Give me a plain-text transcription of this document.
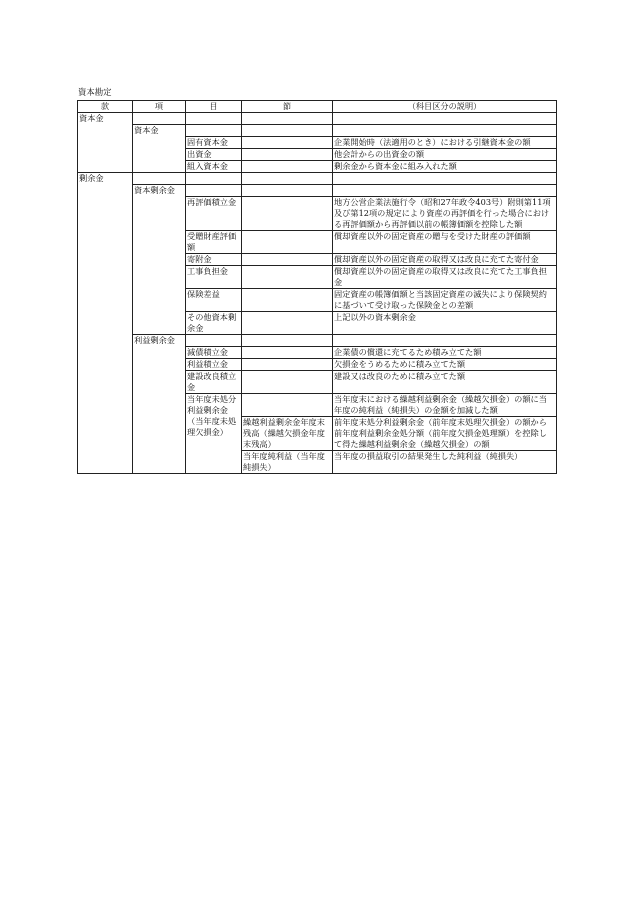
資本勘定
款	項	目	節	（科目区分の説明）
資本金				
	資本金			
		固有資本金		企業開始時（法適用のとき）における引継資本金の額
		出資金		他会計からの出資金の額
		組入資本金		剰余金から資本金に組み入れた額
剰余金				
	資本剰余金			
		再評価積立金		地方公営企業法施行令（昭和27年政令403号）附則第11項及び第12項の規定により資産の再評価を行った場合における再評価額から再評価以前の帳簿価額を控除した額
		受贈財産評価額		償却資産以外の固定資産の贈与を受けた財産の評価額
		寄附金		償却資産以外の固定資産の取得又は改良に充てた寄付金
		工事負担金		償却資産以外の固定資産の取得又は改良に充てた工事負担金
		保険差益		固定資産の帳簿価額と当該固定資産の滅失により保険契約に基づいて受け取った保険金との差額
		その他資本剰余金		上記以外の資本剰余金
	利益剰余金			
		減債積立金		企業債の償還に充てるため積み立てた額
		利益積立金		欠損金をうめるために積み立てた額
		建設改良積立金		建設又は改良のために積み立てた額
		当年度未処分利益剰余金（当年度未処理欠損金）		当年度末における繰越利益剰余金（繰越欠損金）の額に当年度の純利益（純損失）の金額を加減した額
			繰越利益剰余金年度末残高（繰越欠損金年度末残高）	前年度末処分利益剰余金（前年度末処理欠損金）の額から前年度利益剰余金処分額（前年度欠損金処理額）を控除して得た繰越利益剰余金（繰越欠損金）の額
			当年度純利益（当年度純損失）	当年度の損益取引の結果発生した純利益（純損失）
